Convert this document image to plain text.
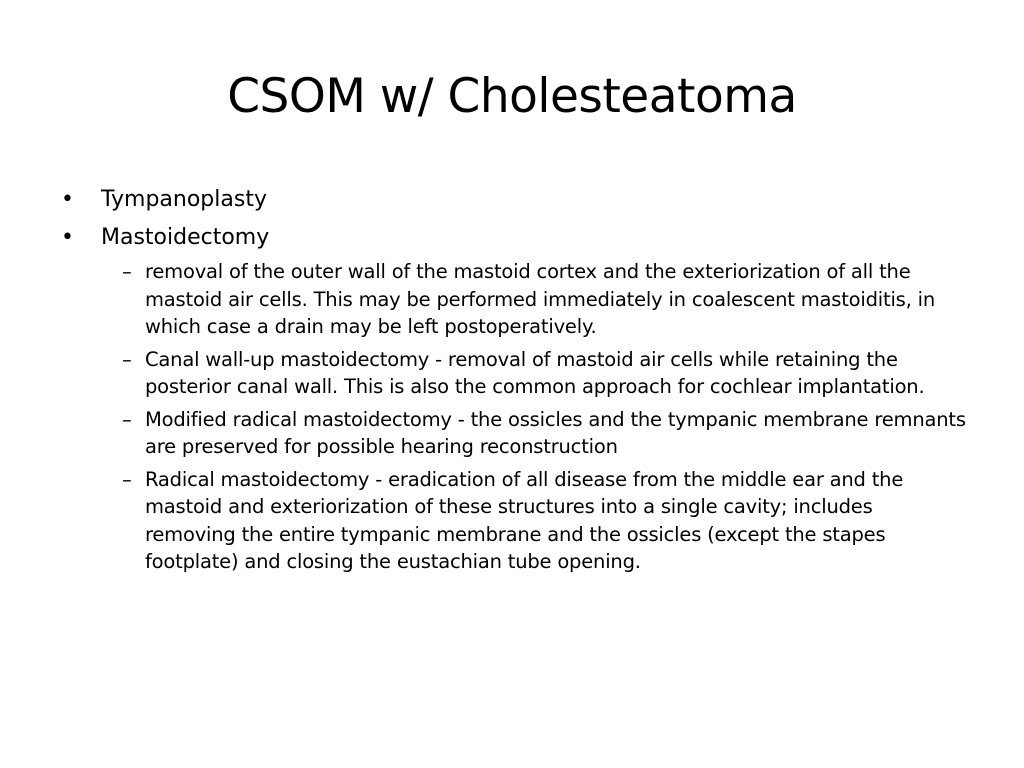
CSOM w/ Cholesteatoma
• Tympanoplasty
• Mastoidectomy
– removal of the outer wall of the mastoid cortex and the exteriorization of all the mastoid air cells. This may be performed immediately in coalescent mastoiditis, in which case a drain may be left postoperatively.
– Canal wall-up mastoidectomy - removal of mastoid air cells while retaining the posterior canal wall. This is also the common approach for cochlear implantation.
– Modified radical mastoidectomy - the ossicles and the tympanic membrane remnants are preserved for possible hearing reconstruction
– Radical mastoidectomy - eradication of all disease from the middle ear and the mastoid and exteriorization of these structures into a single cavity; includes removing the entire tympanic membrane and the ossicles (except the stapes footplate) and closing the eustachian tube opening.
